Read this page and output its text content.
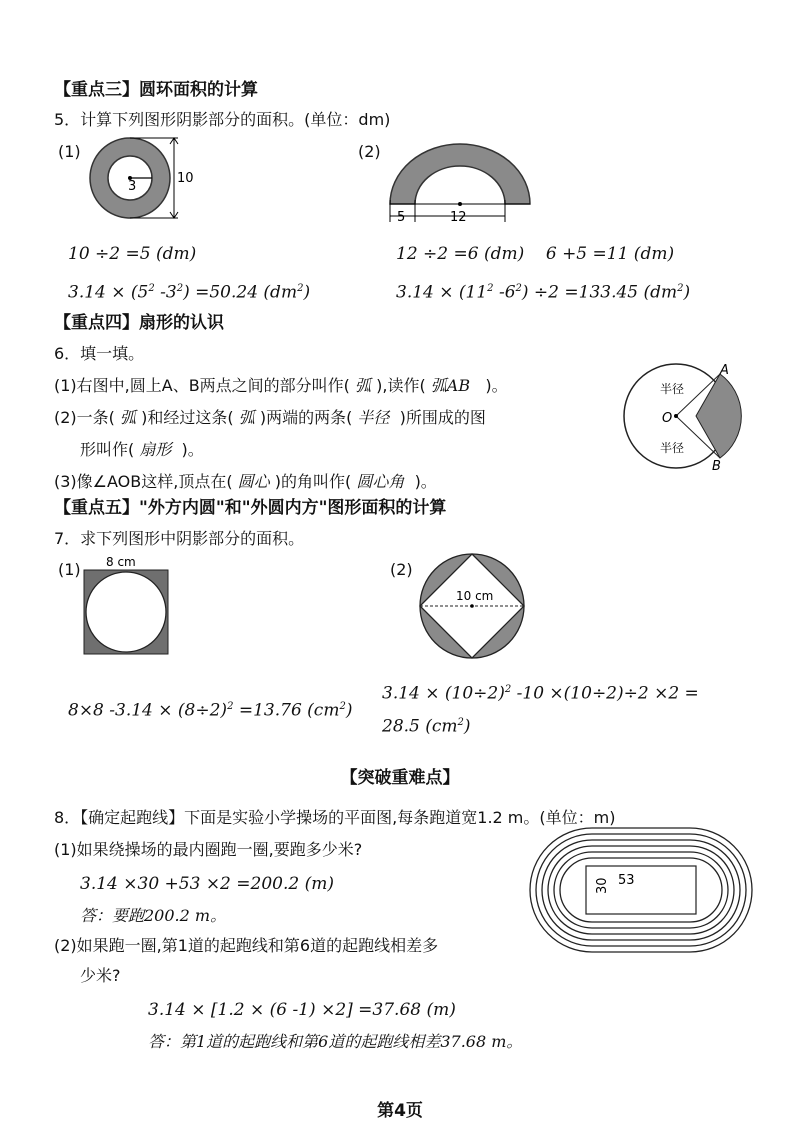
【重点三】圆环面积的计算
5．计算下列图形阴影部分的面积。(单位：dm)
(1)
3
10
(2)
5	12
10 ÷2 =5 (dm)
$3.14 \times (5^2$ $-3^2) =50.24$ $(dm^2)$
12 ÷2 =6 (dm)    6 +5 =11 (dm)
$3.14 \times (11^2$ $-6^2) \div 2 =133.45$ $(dm^2)$
【重点四】扇形的认识
6．填一填。
(1)右图中,圆上A、B两点之间的部分叫作( 弧 ),读作( 弧AB )。
(2)一条( 弧 )和经过这条( 弧 )两端的两条( 半径 )所围成的图
形叫作( 扇形 )。
(3)像∠AOB这样,顶点在( 圆心 )的角叫作( 圆心角 )。
A
B
O
半径
半径
【重点五】"外方内圆"和"外圆内方"图形面积的计算
7．求下列图形中阴影部分的面积。
(1) 8 cm	(2)
10 cm
8×8 $-3.14 \times (8\div 2)^2 =13.76$ $(cm^2)$
$3.14 \times (10\div 2)^2$ -10 ×(10÷2)÷2 ×2 =
28.5 $(cm^2)$
【突破重难点】
8．【确定起跑线】下面是实验小学操场的平面图,每条跑道宽1.2 m。(单位：m)
(1)如果绕操场的最内圈跑一圈,要跑多少米?
3.14 ×30 +53 ×2 =200.2 (m)
答：要跑200.2 m。
(2)如果跑一圈,第1道的起跑线和第6道的起跑线相差多
少米?
3.14 × [1.2 × (6 -1) ×2] =37.68 (m)
答：第1道的起跑线和第6道的起跑线相差37.68 m。
53
30
第4页
